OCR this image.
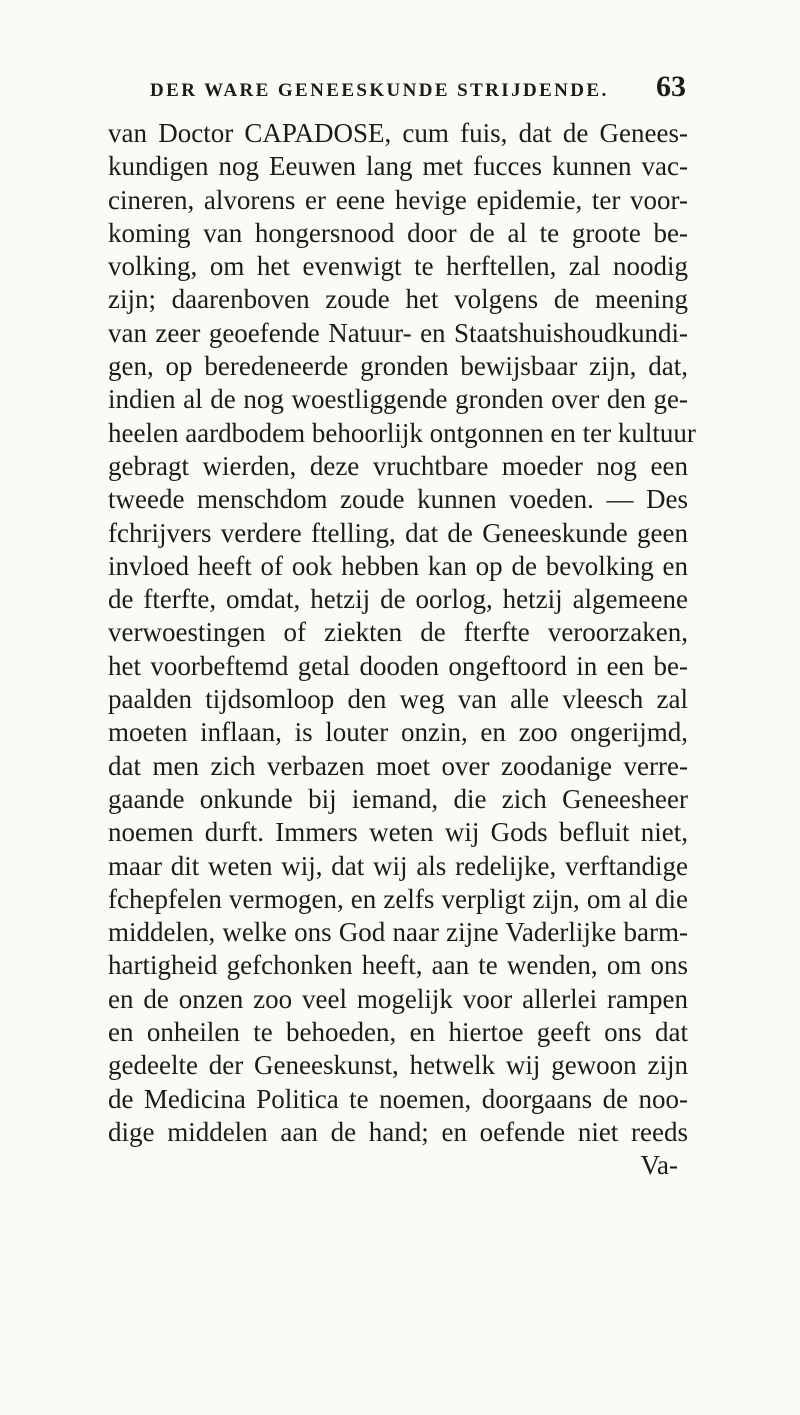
DER WARE GENEESKUNDE STRIJDENDE.	63
van Doctor CAPADOSE, cum fuis, dat de Genees-
kundigen nog Eeuwen lang met fucces kunnen vac-
cineren, alvorens er eene hevige epidemie, ter voor-
koming van hongersnood door de al te groote be-
volking, om het evenwigt te herftellen, zal noodig
zijn; daarenboven zoude het volgens de meening
van zeer geoefende Natuur- en Staatshuishoudkundi-
gen, op beredeneerde gronden bewijsbaar zijn, dat,
indien al de nog woestliggende gronden over den ge-
heelen aardbodem behoorlijk ontgonnen en ter kultuur
gebragt wierden, deze vruchtbare moeder nog een
tweede menschdom zoude kunnen voeden. — Des
fchrijvers verdere ftelling, dat de Geneeskunde geen
invloed heeft of ook hebben kan op de bevolking en
de fterfte, omdat, hetzij de oorlog, hetzij algemeene
verwoestingen of ziekten de fterfte veroorzaken,
het voorbeftemd getal dooden ongeftoord in een be-
paalden tijdsomloop den weg van alle vleesch zal
moeten inflaan, is louter onzin, en zoo ongerijmd,
dat men zich verbazen moet over zoodanige verre-
gaande onkunde bij iemand, die zich Geneesheer
noemen durft. Immers weten wij Gods befluit niet,
maar dit weten wij, dat wij als redelijke, verftandige
fchepfelen vermogen, en zelfs verpligt zijn, om al die
middelen, welke ons God naar zijne Vaderlijke barm-
hartigheid gefchonken heeft, aan te wenden, om ons
en de onzen zoo veel mogelijk voor allerlei rampen
en onheilen te behoeden, en hiertoe geeft ons dat
gedeelte der Geneeskunst, hetwelk wij gewoon zijn
de Medicina Politica te noemen, doorgaans de noo-
dige middelen aan de hand; en oefende niet reeds
Va-
